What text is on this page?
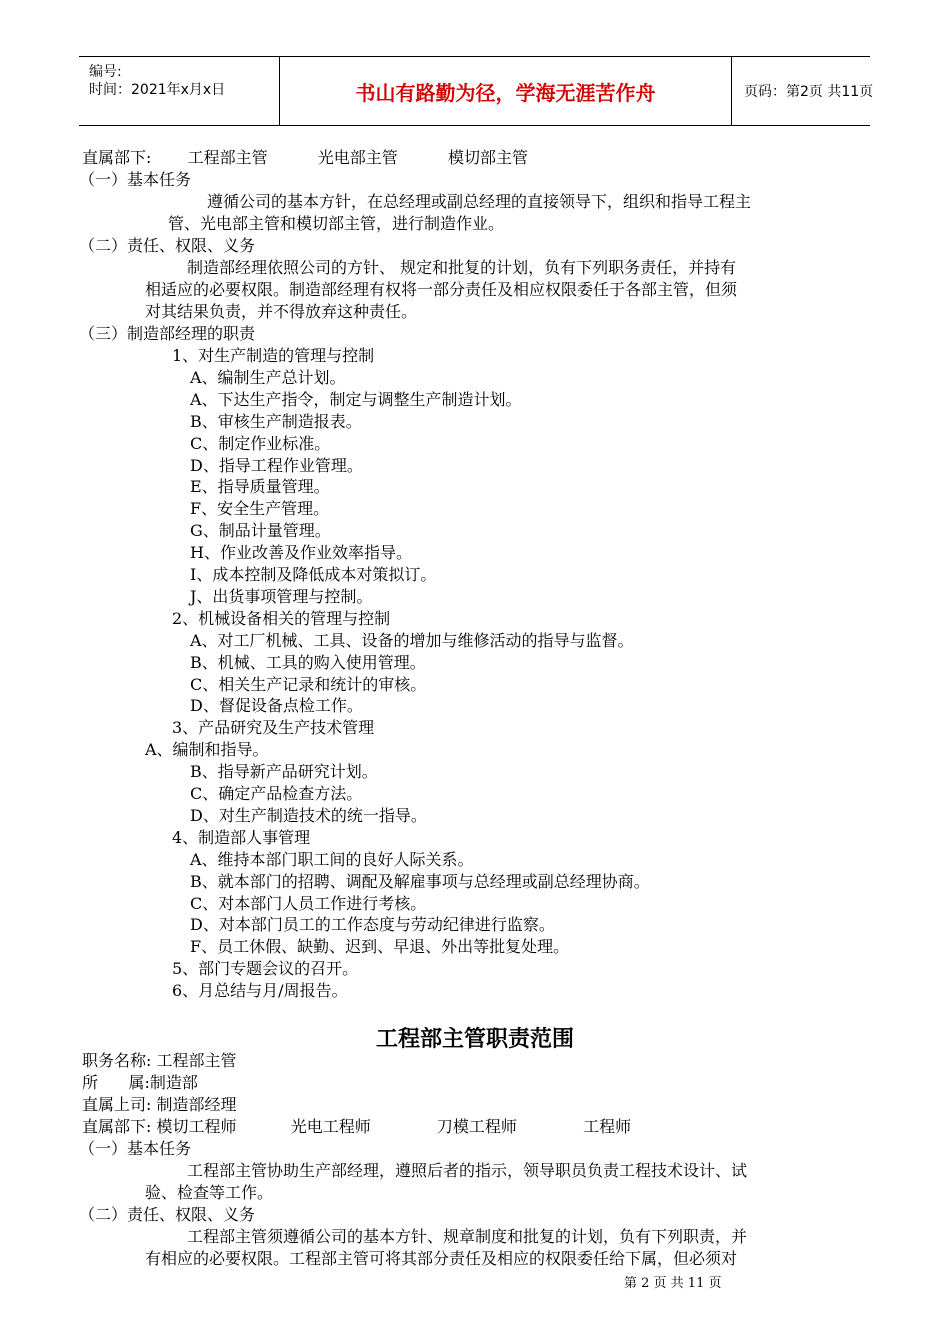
编号:
时间：2021年x月x日	书山有路勤为径，学海无涯苦作舟	页码：第2页 共11页
直属部下: 工程部主管	光电部主管	模切部主管
（一）基本任务
遵循公司的基本方针，在总经理或副总经理的直接领导下，组织和指导工程主
管、光电部主管和模切部主管，进行制造作业。
（二）责任、权限、义务
制造部经理依照公司的方针、 规定和批复的计划，负有下列职务责任，并持有
相适应的必要权限。制造部经理有权将一部分责任及相应权限委任于各部主管，但须
对其结果负责，并不得放弃这种责任。
（三）制造部经理的职责
1、对生产制造的管理与控制
A、编制生产总计划。
A、下达生产指令，制定与调整生产制造计划。
B、审核生产制造报表。
C、制定作业标准。
D、指导工程作业管理。
E、指导质量管理。
F、安全生产管理。
G、制品计量管理。
H、作业改善及作业效率指导。
I、成本控制及降低成本对策拟订。
J、出货事项管理与控制。
2、机械设备相关的管理与控制
A、对工厂机械、工具、设备的增加与维修活动的指导与监督。
B、机械、工具的购入使用管理。
C、相关生产记录和统计的审核。
D、督促设备点检工作。
3、产品研究及生产技术管理
A、编制和指导。
B、指导新产品研究计划。
C、确定产品检查方法。
D、对生产制造技术的统一指导。
4、制造部人事管理
A、维持本部门职工间的良好人际关系。
B、就本部门的招聘、调配及解雇事项与总经理或副总经理协商。
C、对本部门人员工作进行考核。
D、对本部门员工的工作态度与劳动纪律进行监察。
F、员工休假、缺勤、迟到、早退、外出等批复处理。
5、部门专题会议的召开。
6、月总结与月/周报告。
工程部主管职责范围
职务名称: 工程部主管
所      属:制造部
直属上司: 制造部经理
直属部下: 模切工程师	光电工程师	刀模工程师	工程师
（一）基本任务
工程部主管协助生产部经理，遵照后者的指示，领导职员负责工程技术设计、试
验、检查等工作。
（二）责任、权限、义务
工程部主管须遵循公司的基本方针、规章制度和批复的计划，负有下列职责，并
有相应的必要权限。工程部主管可将其部分责任及相应的权限委任给下属，但必须对
第 2 页 共 11 页
